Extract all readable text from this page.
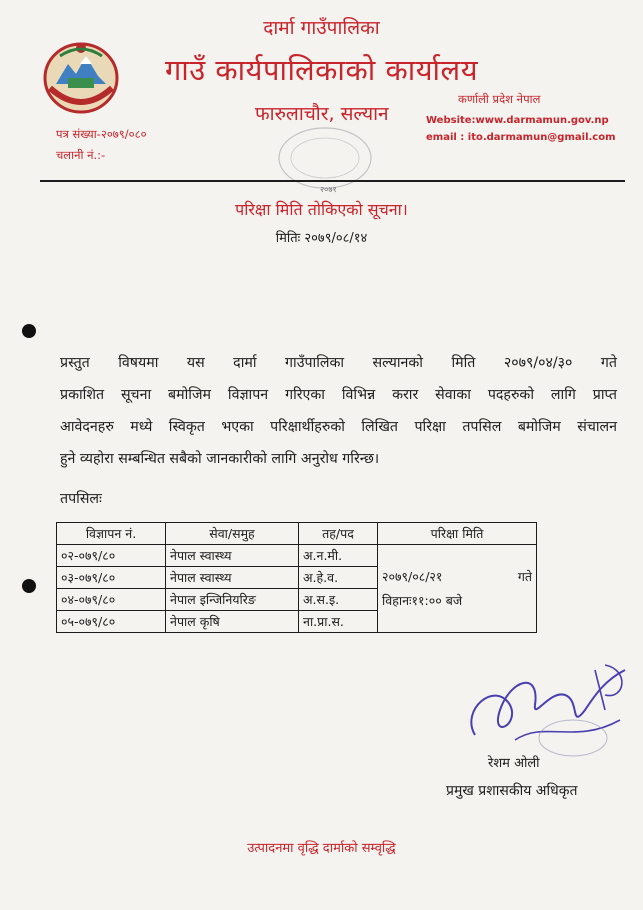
दार्मा गाउँपालिका
गाउँ कार्यपालिकाको कार्यालय
फारुलाचौर, सल्यान
कर्णाली प्रदेश नेपाल
Website:www.darmamun.gov.np
email : ito.darmamun@gmail.com
पत्र संख्या-२०७९/०८०
चलानी नं.:-
२०७१
परिक्षा मिति तोकिएको सूचना।
मितिः २०७९/०८/१४
प्रस्तुत विषयमा यस दार्मा गाउँपालिका सल्यानको मिति २०७९/०४/३० गते
प्रकाशित सूचना बमोजिम विज्ञापन गरिएका विभिन्न करार सेवाका पदहरुको लागि प्राप्त
आवेदनहरु मध्ये स्विकृत भएका परिक्षार्थीहरुको लिखित परिक्षा तपसिल बमोजिम संचालन
हुने व्यहोरा सम्बन्धित सबैको जानकारीको लागि अनुरोध गरिन्छ।
तपसिलः
विज्ञापन नं.	सेवा/समुह	तह/पद	परिक्षा मिति
०२-०७९/८०	नेपाल स्वास्थ्य	अ.न.मी.	२०७९/०८/२१ गते
विहानः११:०० बजे

०३-०७९/८०	नेपाल स्वास्थ्य	अ.हे.व.	
०४-०७९/८०	नेपाल इन्जिनियरिङ	अ.स.इ.	
०५-०७९/८०	नेपाल कृषि	ना.प्रा.स.	
रेशम ओली
प्रमुख प्रशासकीय अधिकृत
उत्पादनमा वृद्धि दार्माको सम्वृद्धि
